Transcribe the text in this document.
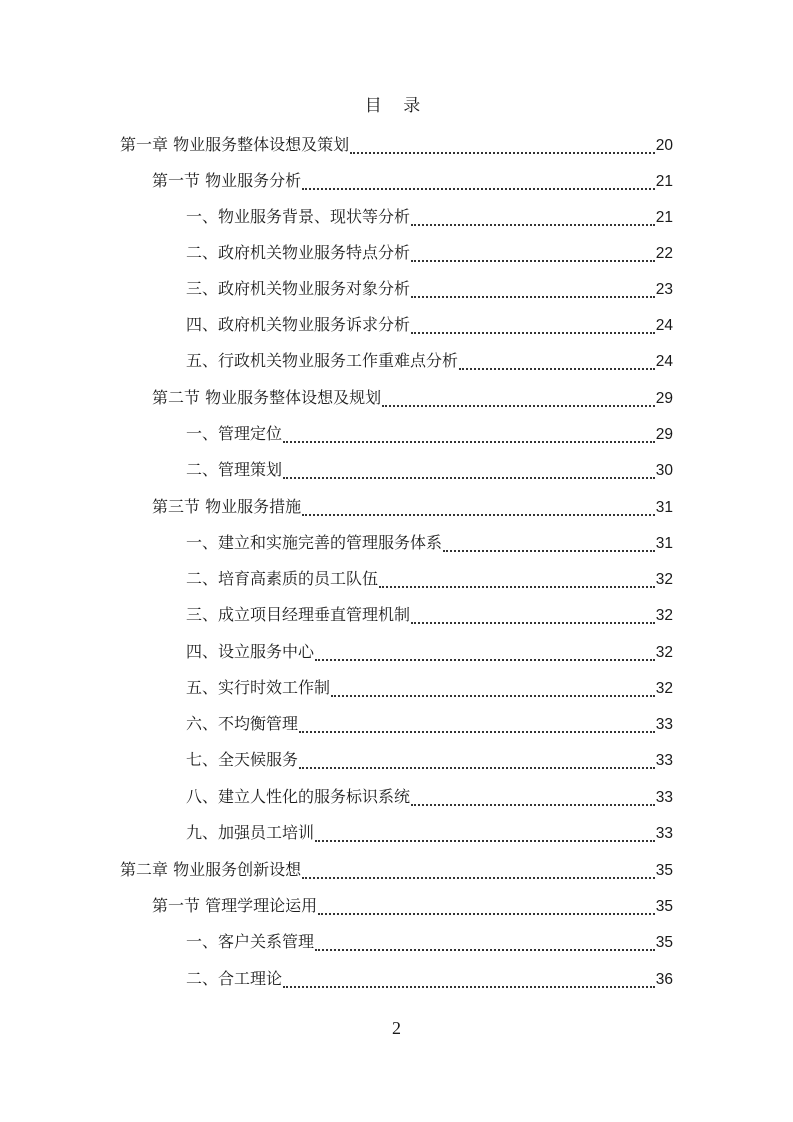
目 录
第一章 物业服务整体设想及策划	20
第一节 物业服务分析	21
一、物业服务背景、现状等分析	21
二、政府机关物业服务特点分析	22
三、政府机关物业服务对象分析	23
四、政府机关物业服务诉求分析	24
五、行政机关物业服务工作重难点分析	24
第二节 物业服务整体设想及规划	29
一、管理定位	29
二、管理策划	30
第三节 物业服务措施	31
一、建立和实施完善的管理服务体系	31
二、培育高素质的员工队伍	32
三、成立项目经理垂直管理机制	32
四、设立服务中心	32
五、实行时效工作制	32
六、不均衡管理	33
七、全天候服务	33
八、建立人性化的服务标识系统	33
九、加强员工培训	33
第二章 物业服务创新设想	35
第一节 管理学理论运用	35
一、客户关系管理	35
二、合工理论	36
2
